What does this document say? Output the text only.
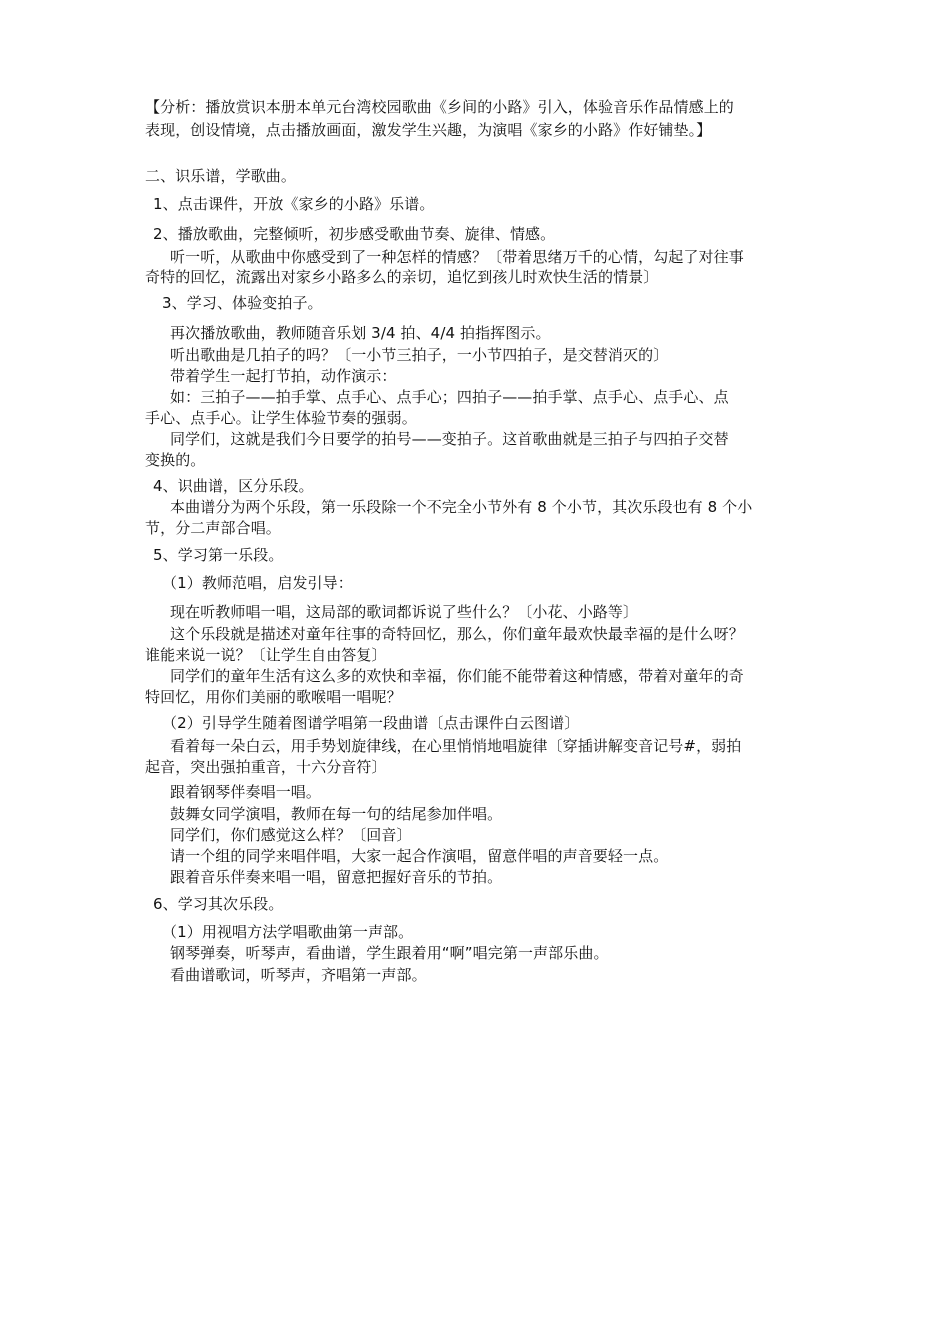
【分析：播放赏识本册本单元台湾校园歌曲《乡间的小路》引入，体验音乐作品情感上的
表现，创设情境，点击播放画面，激发学生兴趣，为演唱《家乡的小路》作好铺垫。】
二、识乐谱，学歌曲。
1、点击课件，开放《家乡的小路》乐谱。
2、播放歌曲，完整倾听，初步感受歌曲节奏、旋律、情感。
听一听，从歌曲中你感受到了一种怎样的情感？〔带着思绪万千的心情，勾起了对往事
奇特的回忆，流露出对家乡小路多么的亲切，追忆到孩儿时欢快生活的情景〕
3、学习、体验变拍子。
再次播放歌曲，教师随音乐划 3/4 拍、4/4 拍指挥图示。
听出歌曲是几拍子的吗？〔一小节三拍子，一小节四拍子，是交替消灭的〕
带着学生一起打节拍，动作演示：
如：三拍子——拍手掌、点手心、点手心；四拍子——拍手掌、点手心、点手心、点
手心、点手心。让学生体验节奏的强弱。
同学们，这就是我们今日要学的拍号——变拍子。这首歌曲就是三拍子与四拍子交替
变换的。
4、识曲谱，区分乐段。
本曲谱分为两个乐段，第一乐段除一个不完全小节外有 8 个小节，其次乐段也有 8 个小
节，分二声部合唱。
5、学习第一乐段。
（1）教师范唱，启发引导：
现在听教师唱一唱，这局部的歌词都诉说了些什么？〔小花、小路等〕
这个乐段就是描述对童年往事的奇特回忆，那么，你们童年最欢快最幸福的是什么呀？
谁能来说一说？〔让学生自由答复〕
同学们的童年生活有这么多的欢快和幸福，你们能不能带着这种情感，带着对童年的奇
特回忆，用你们美丽的歌喉唱一唱呢？
（2）引导学生随着图谱学唱第一段曲谱〔点击课件白云图谱〕
看着每一朵白云，用手势划旋律线，在心里悄悄地唱旋律〔穿插讲解变音记号#，弱拍
起音，突出强拍重音，十六分音符〕
跟着钢琴伴奏唱一唱。
鼓舞女同学演唱，教师在每一句的结尾参加伴唱。
同学们，你们感觉这么样？〔回音〕
请一个组的同学来唱伴唱，大家一起合作演唱，留意伴唱的声音要轻一点。
跟着音乐伴奏来唱一唱，留意把握好音乐的节拍。
6、学习其次乐段。
（1）用视唱方法学唱歌曲第一声部。
钢琴弹奏，听琴声，看曲谱，学生跟着用“啊”唱完第一声部乐曲。
看曲谱歌词，听琴声，齐唱第一声部。
